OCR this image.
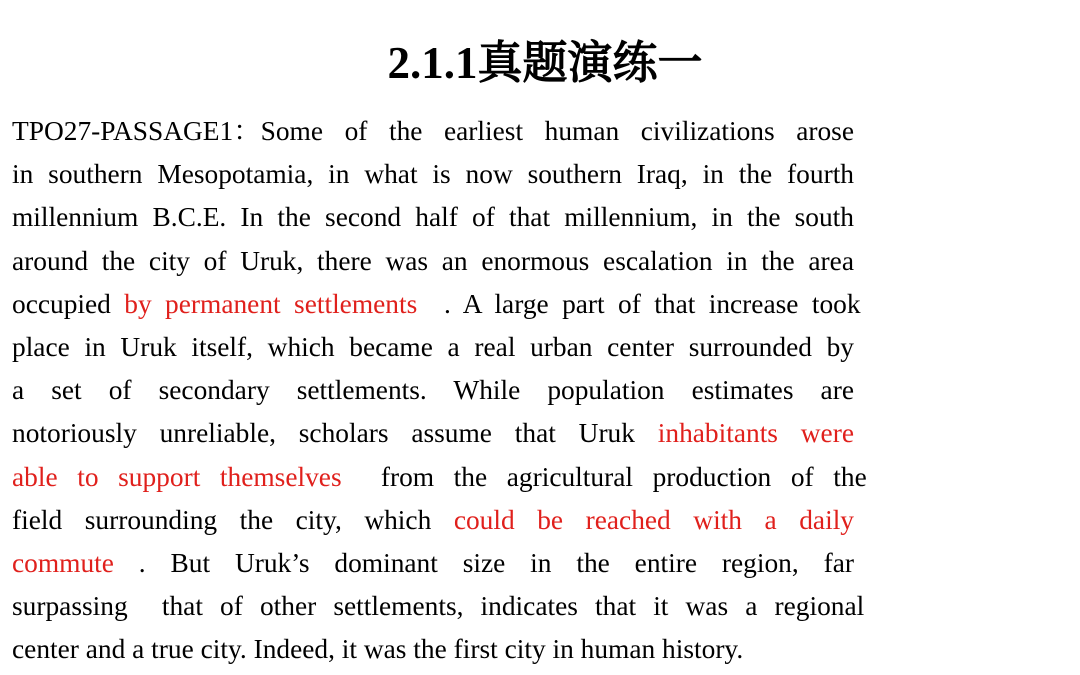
2.1.1真题演练一
TPO27-PASSAGE1：Some of the earliest human civilizations arose
in southern Mesopotamia, in what is now southern Iraq, in the fourth
millennium B.C.E. In the second half of that millennium, in the south
around the city of Uruk, there was an enormous escalation in the area
occupied by permanent settlements  . A large part of that increase took
place in Uruk itself, which became a real urban center surrounded by
a set of secondary settlements. While population estimates are
notoriously unreliable, scholars assume that Uruk inhabitants were
able to support themselves  from the agricultural production of the
field surrounding the city, which could be reached with a daily
commute . But Uruk’s dominant size in the entire region, far
surpassing  that of other settlements, indicates that it was a regional
center and a true city. Indeed, it was the first city in human history.
